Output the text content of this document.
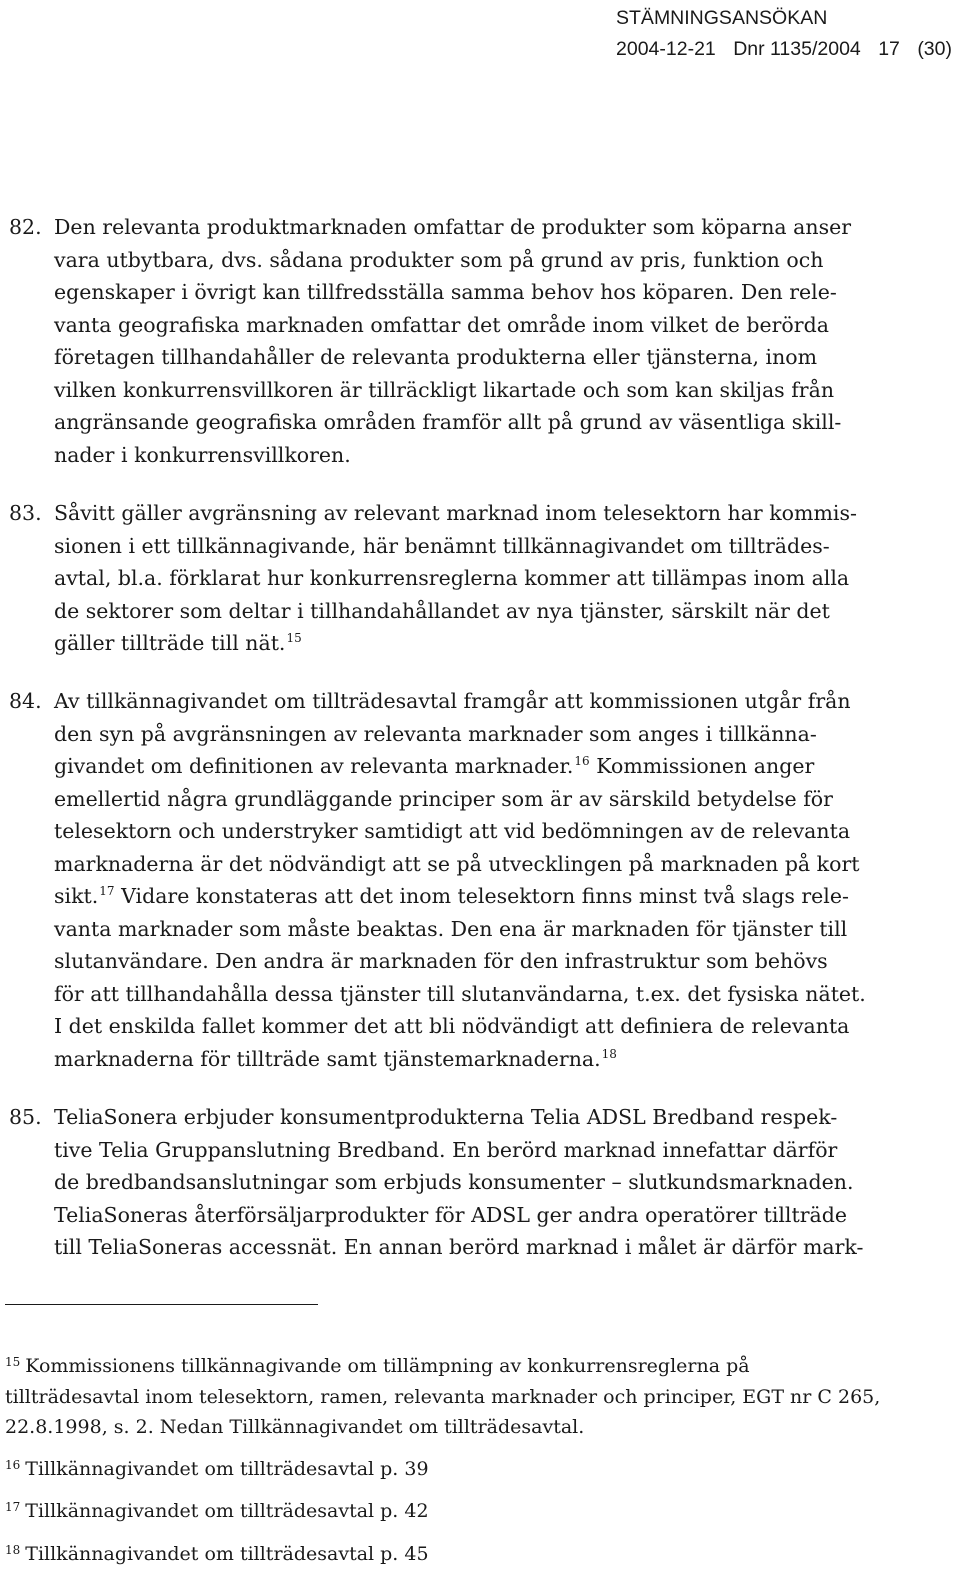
STÄMNINGSANSÖKAN
2004-12-21 Dnr 1135/2004 17 (30)
82. Den relevanta produktmarknaden omfattar de produkter som köparna anser
vara utbytbara, dvs. sådana produkter som på grund av pris, funktion och
egenskaper i övrigt kan tillfredsställa samma behov hos köparen. Den rele-
vanta geografiska marknaden omfattar det område inom vilket de berörda
företagen tillhandahåller de relevanta produkterna eller tjänsterna, inom
vilken konkurrensvillkoren är tillräckligt likartade och som kan skiljas från
angränsande geografiska områden framför allt på grund av väsentliga skill-
nader i konkurrensvillkoren.
83. Såvitt gäller avgränsning av relevant marknad inom telesektorn har kommis-
sionen i ett tillkännagivande, här benämnt tillkännagivandet om tillträdes-
avtal, bl.a. förklarat hur konkurrensreglerna kommer att tillämpas inom alla
de sektorer som deltar i tillhandahållandet av nya tjänster, särskilt när det
gäller tillträde till nät.$^{15}$
84. Av tillkännagivandet om tillträdesavtal framgår att kommissionen utgår från
den syn på avgränsningen av relevanta marknader som anges i tillkänna-
givandet om definitionen av relevanta marknader.$^{16}$ Kommissionen anger
emellertid några grundläggande principer som är av särskild betydelse för
telesektorn och understryker samtidigt att vid bedömningen av de relevanta
marknaderna är det nödvändigt att se på utvecklingen på marknaden på kort
sikt.$^{17}$ Vidare konstateras att det inom telesektorn finns minst två slags rele-
vanta marknader som måste beaktas. Den ena är marknaden för tjänster till
slutanvändare. Den andra är marknaden för den infrastruktur som behövs
för att tillhandahålla dessa tjänster till slutanvändarna, t.ex. det fysiska nätet.
I det enskilda fallet kommer det att bli nödvändigt att definiera de relevanta
marknaderna för tillträde samt tjänstemarknaderna.$^{18}$
85. TeliaSonera erbjuder konsumentprodukterna Telia ADSL Bredband respek-
tive Telia Gruppanslutning Bredband. En berörd marknad innefattar därför
de bredbandsanslutningar som erbjuds konsumenter – slutkundsmarknaden.
TeliaSoneras återförsäljarprodukter för ADSL ger andra operatörer tillträde
till TeliaSoneras accessnät. En annan berörd marknad i målet är därför mark-
$^{15}$ Kommissionens tillkännagivande om tillämpning av konkurrensreglerna på
tillträdesavtal inom telesektorn, ramen, relevanta marknader och principer, EGT nr C 265,
22.8.1998, s. 2. Nedan Tillkännagivandet om tillträdesavtal.
$^{16}$ Tillkännagivandet om tillträdesavtal p. 39
$^{17}$ Tillkännagivandet om tillträdesavtal p. 42
$^{18}$ Tillkännagivandet om tillträdesavtal p. 45
